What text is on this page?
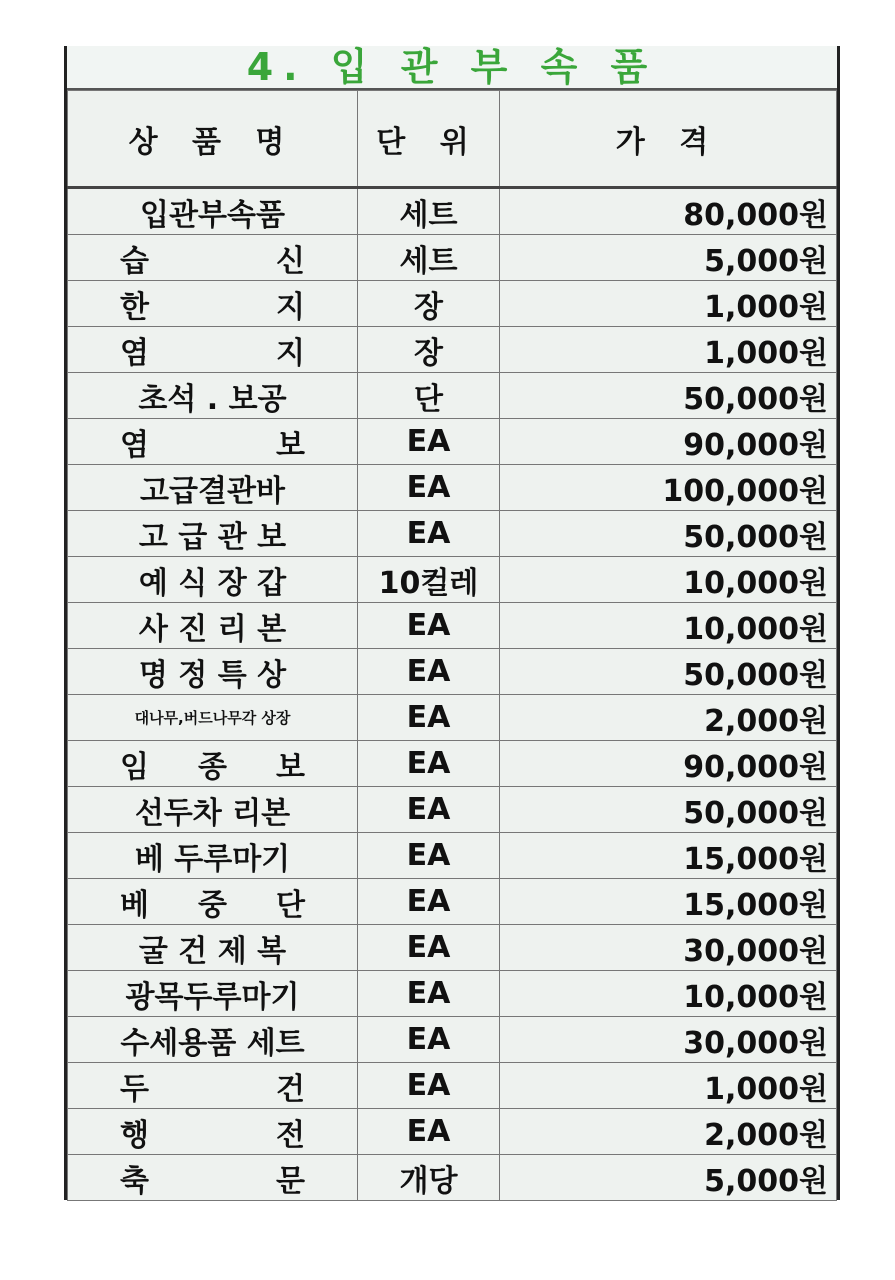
4. 입 관 부 속 품
상 품 명	단 위	가 격
입관부속품	세트	80,000원

습 신	세트	5,000원

한 지	장	1,000원

염 지	장	1,000원
초석 . 보공	단	50,000원

염 보	EA	90,000원
고급결관바	EA	100,000원
고 급 관 보	EA	50,000원
예 식 장 갑	10컬레	10,000원
사 진 리 본	EA	10,000원
명 정 특 상	EA	50,000원
대나무,버드나무각 상장	EA	2,000원

임 종 보	EA	90,000원
선두차 리본	EA	50,000원
베 두루마기	EA	15,000원

베 중 단	EA	15,000원
굴 건 제 복	EA	30,000원
광목두루마기	EA	10,000원
수세용품 세트	EA	30,000원

두 건	EA	1,000원

행 전	EA	2,000원

축 문	개당	5,000원
